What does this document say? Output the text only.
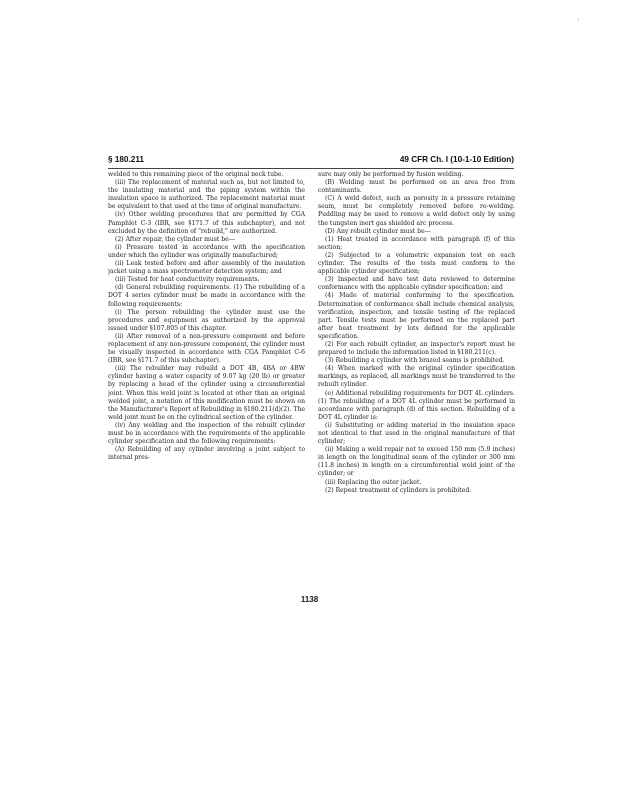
'
§ 180.211	49 CFR Ch. I (10-1-10 Edition)

welded to this remaining piece of the original neck tube.

(iii) The replacement of material such as, but not limited to, the insulating material and the piping system within the insulation space is authorized. The replacement material must be equivalent to that used at the time of original manufacture.

(iv) Other welding procedures that are permitted by CGA Pamphlet C-3 (IBR, see §171.7 of this subchapter), and not excluded by the definition of "rebuild," are authorized.

(2) After repair, the cylinder must be—

(i) Pressure tested in accordance with the specification under which the cylinder was originally manufactured;

(ii) Leak tested before and after assembly of the insulation jacket using a mass spectrometer detection system; and

(iii) Tested for heat conductivity requirements.

(d) General rebuilding requirements. (1) The rebuilding of a DOT 4 series cylinder must be made in accordance with the following requirements:

(i) The person rebuilding the cylinder must use the procedures and equipment as authorized by the approval issued under §107.805 of this chapter.

(ii) After removal of a non-pressure component and before replacement of any non-pressure component, the cylinder must be visually inspected in accordance with CGA Pamphlet C-6 (IBR, see §171.7 of this subchapter).

(iii) The rebuilder may rebuild a DOT 4B, 4BA or 4BW cylinder having a water capacity of 9.07 kg (20 lb) or greater by replacing a head of the cylinder using a circumferential joint. When this weld joint is located at other than an original welded joint, a notation of this modification must be shown on the Manufacturer's Report of Rebuilding in §180.211(d)(2). The weld joint must be on the cylindrical section of the cylinder.

(iv) Any welding and the inspection of the rebuilt cylinder must be in accordance with the requirements of the applicable cylinder specification and the following requirements:

(A) Rebuilding of any cylinder involving a joint subject to internal pres-

sure may only be performed by fusion welding.

(B) Welding must be performed on an area free from contaminants.

(C) A weld defect, such as porosity in a pressure retaining seam, must be completely removed before re-welding. Puddling may be used to remove a weld defect only by using the tungsten inert gas shielded arc process.

(D) Any rebuilt cylinder must be—

(1) Heat treated in accordance with paragraph (f) of this section;

(2) Subjected to a volumetric expansion test on each cylinder. The results of the tests must conform to the applicable cylinder specification;

(3) Inspected and have test data reviewed to determine conformance with the applicable cylinder specification; and

(4) Made of material conforming to the specification. Determination of conformance shall include chemical analysis, verification, inspection, and tensile testing of the replaced part. Tensile tests must be performed on the replaced part after heat treatment by lots defined for the applicable specification.

(2) For each rebuilt cylinder, an inspector's report must be prepared to include the information listed in §180.211(c).

(3) Rebuilding a cylinder with brazed seams is prohibited.

(4) When marked with the original cylinder specification markings, as replaced, all markings must be transferred to the rebuilt cylinder.

(e) Additional rebuilding requirements for DOT 4L cylinders. (1) The rebuilding of a DOT 4L cylinder must be performed in accordance with paragraph (d) of this section. Rebuilding of a DOT 4L cylinder is:

(i) Substituting or adding material in the insulation space not identical to that used in the original manufacture of that cylinder;

(ii) Making a weld repair not to exceed 150 mm (5.9 inches) in length on the longitudinal seam of the cylinder or 300 mm (11.8 inches) in length on a circumferential weld joint of the cylinder; or

(iii) Replacing the outer jacket.

(2) Repeat treatment of cylinders is prohibited.

1138
